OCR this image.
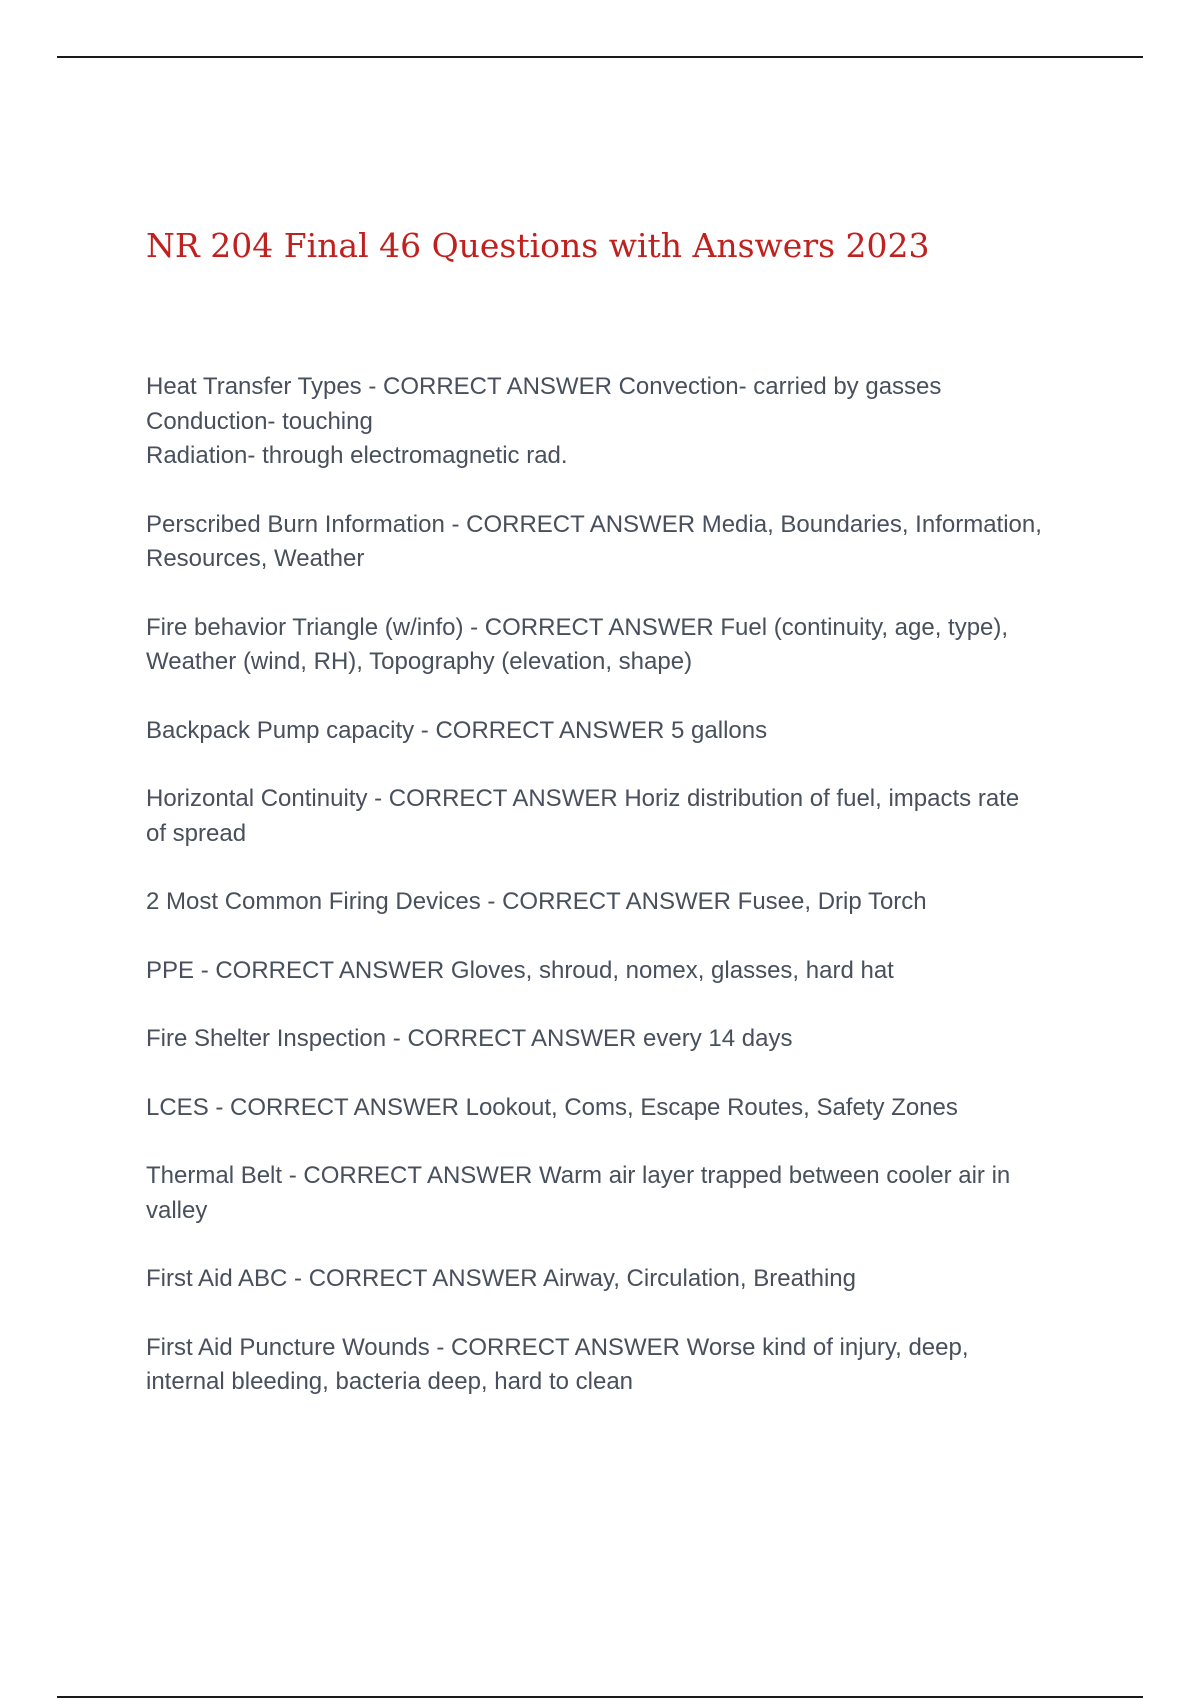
NR 204 Final 46 Questions with Answers 2023
Heat Transfer Types - CORRECT ANSWER Convection- carried by gasses
Conduction- touching
Radiation- through electromagnetic rad.
Perscribed Burn Information - CORRECT ANSWER Media, Boundaries, Information,
Resources, Weather
Fire behavior Triangle (w/info) - CORRECT ANSWER Fuel (continuity, age, type),
Weather (wind, RH), Topography (elevation, shape)
Backpack Pump capacity - CORRECT ANSWER 5 gallons
Horizontal Continuity - CORRECT ANSWER Horiz distribution of fuel, impacts rate
of spread
2 Most Common Firing Devices - CORRECT ANSWER Fusee, Drip Torch
PPE - CORRECT ANSWER Gloves, shroud, nomex, glasses, hard hat
Fire Shelter Inspection - CORRECT ANSWER every 14 days
LCES - CORRECT ANSWER Lookout, Coms, Escape Routes, Safety Zones
Thermal Belt - CORRECT ANSWER Warm air layer trapped between cooler air in
valley
First Aid ABC - CORRECT ANSWER Airway, Circulation, Breathing
First Aid Puncture Wounds - CORRECT ANSWER Worse kind of injury, deep,
internal bleeding, bacteria deep, hard to clean
